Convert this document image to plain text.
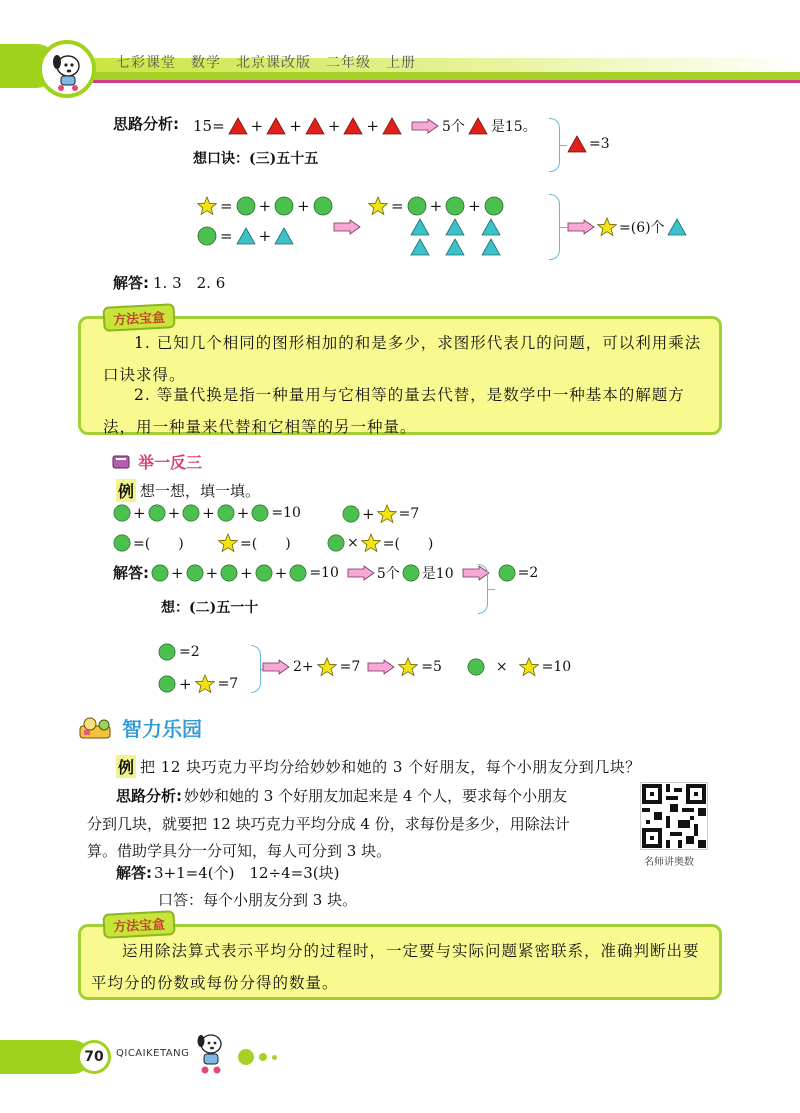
七彩课堂　数学　北京课改版　二年级　上册
思路分析: 15= + + + +	5个 是15。
想口诀：(三)五十五
=3
= + +
= +
= + +
=(6)个
解答: 1. 3　2. 6
1. 已知几个相同的图形相加的和是多少，求图形代表几的问题，可以利用乘法口诀求得。
2. 等量代换是指一种量用与它相等的量去代替，是数学中一种基本的解题方法，用一种量来代替和它相等的另一种量。
方法宝盒
举一反三
例 想一想，填一填。
+ + + + =10	+ =7
=(　　)	=(　　)	× =(　　)
解答: + + + + =10	5个 是10	=2
想：(二)五一十
=2
+ =7
2+ =7	=5	× =10
智力乐园
例 把 12 块巧克力平均分给妙妙和她的 3 个好朋友，每个小朋友分到几块？
思路分析: 妙妙和她的 3 个好朋友加起来是 4 个人，要求每个小朋友
分到几块，就要把 12 块巧克力平均分成 4 份，求每份是多少，用除法计
算。借助学具分一分可知，每人可分到 3 块。
解答: 3+1=4(个)　12÷4=3(块)
口答：每个小朋友分到 3 块。
名师讲奥数
运用除法算式表示平均分的过程时，一定要与实际问题紧密联系，准确判断出要平均分的份数或每份分得的数量。
方法宝盒
70 QICAIKETANG
